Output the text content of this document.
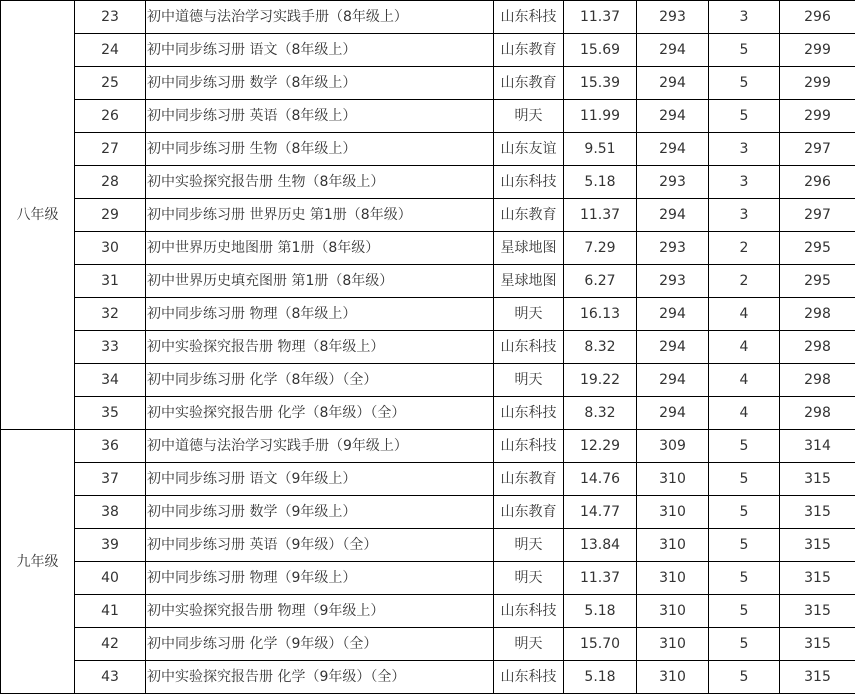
八年级	23	初中道德与法治学习实践手册（8年级上）	山东科技	11.37	293	3	296
	24	初中同步练习册 语文（8年级上）	山东教育	15.69	294	5	299
	25	初中同步练习册 数学（8年级上）	山东教育	15.39	294	5	299
	26	初中同步练习册 英语（8年级上）	明天	11.99	294	5	299
	27	初中同步练习册 生物（8年级上）	山东友谊	9.51	294	3	297
	28	初中实验探究报告册 生物（8年级上）	山东科技	5.18	293	3	296
	29	初中同步练习册 世界历史 第1册（8年级）	山东教育	11.37	294	3	297
	30	初中世界历史地图册 第1册（8年级）	星球地图	7.29	293	2	295
	31	初中世界历史填充图册 第1册（8年级）	星球地图	6.27	293	2	295
	32	初中同步练习册 物理（8年级上）	明天	16.13	294	4	298
	33	初中实验探究报告册 物理（8年级上）	山东科技	8.32	294	4	298
	34	初中同步练习册 化学（8年级）（全）	明天	19.22	294	4	298
	35	初中实验探究报告册 化学（8年级）（全）	山东科技	8.32	294	4	298
九年级	36	初中道德与法治学习实践手册（9年级上）	山东科技	12.29	309	5	314
	37	初中同步练习册 语文（9年级上）	山东教育	14.76	310	5	315
	38	初中同步练习册 数学（9年级上）	山东教育	14.77	310	5	315
	39	初中同步练习册 英语（9年级）（全）	明天	13.84	310	5	315
	40	初中同步练习册 物理（9年级上）	明天	11.37	310	5	315
	41	初中实验探究报告册 物理（9年级上）	山东科技	5.18	310	5	315
	42	初中同步练习册 化学（9年级）（全）	明天	15.70	310	5	315
	43	初中实验探究报告册 化学（9年级）（全）	山东科技	5.18	310	5	315
